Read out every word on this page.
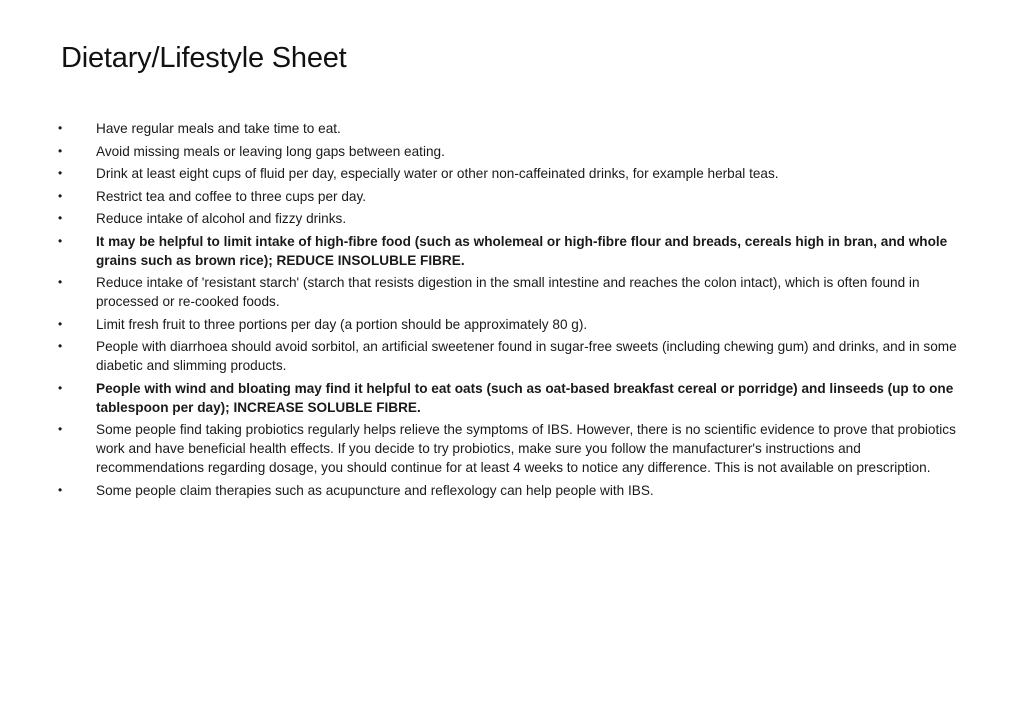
Dietary/Lifestyle Sheet
• Have regular meals and take time to eat.
• Avoid missing meals or leaving long gaps between eating.
• Drink at least eight cups of fluid per day, especially water or other non-caffeinated drinks, for example herbal teas.
• Restrict tea and coffee to three cups per day.
• Reduce intake of alcohol and fizzy drinks.
• It may be helpful to limit intake of high-fibre food (such as wholemeal or high-fibre flour and breads, cereals high in bran, and whole grains such as brown rice); REDUCE INSOLUBLE FIBRE.
• Reduce intake of 'resistant starch' (starch that resists digestion in the small intestine and reaches the colon intact), which is often found in processed or re-cooked foods.
• Limit fresh fruit to three portions per day (a portion should be approximately 80 g).
• People with diarrhoea should avoid sorbitol, an artificial sweetener found in sugar-free sweets (including chewing gum) and drinks, and in some diabetic and slimming products.
• People with wind and bloating may find it helpful to eat oats (such as oat-based breakfast cereal or porridge) and linseeds (up to one tablespoon per day); INCREASE SOLUBLE FIBRE.
• Some people find taking probiotics regularly helps relieve the symptoms of IBS. However, there is no scientific evidence to prove that probiotics work and have beneficial health effects. If you decide to try probiotics, make sure you follow the manufacturer's instructions and recommendations regarding dosage, you should continue for at least 4 weeks to notice any difference. This is not available on prescription.
• Some people claim therapies such as acupuncture and reflexology can help people with IBS.
